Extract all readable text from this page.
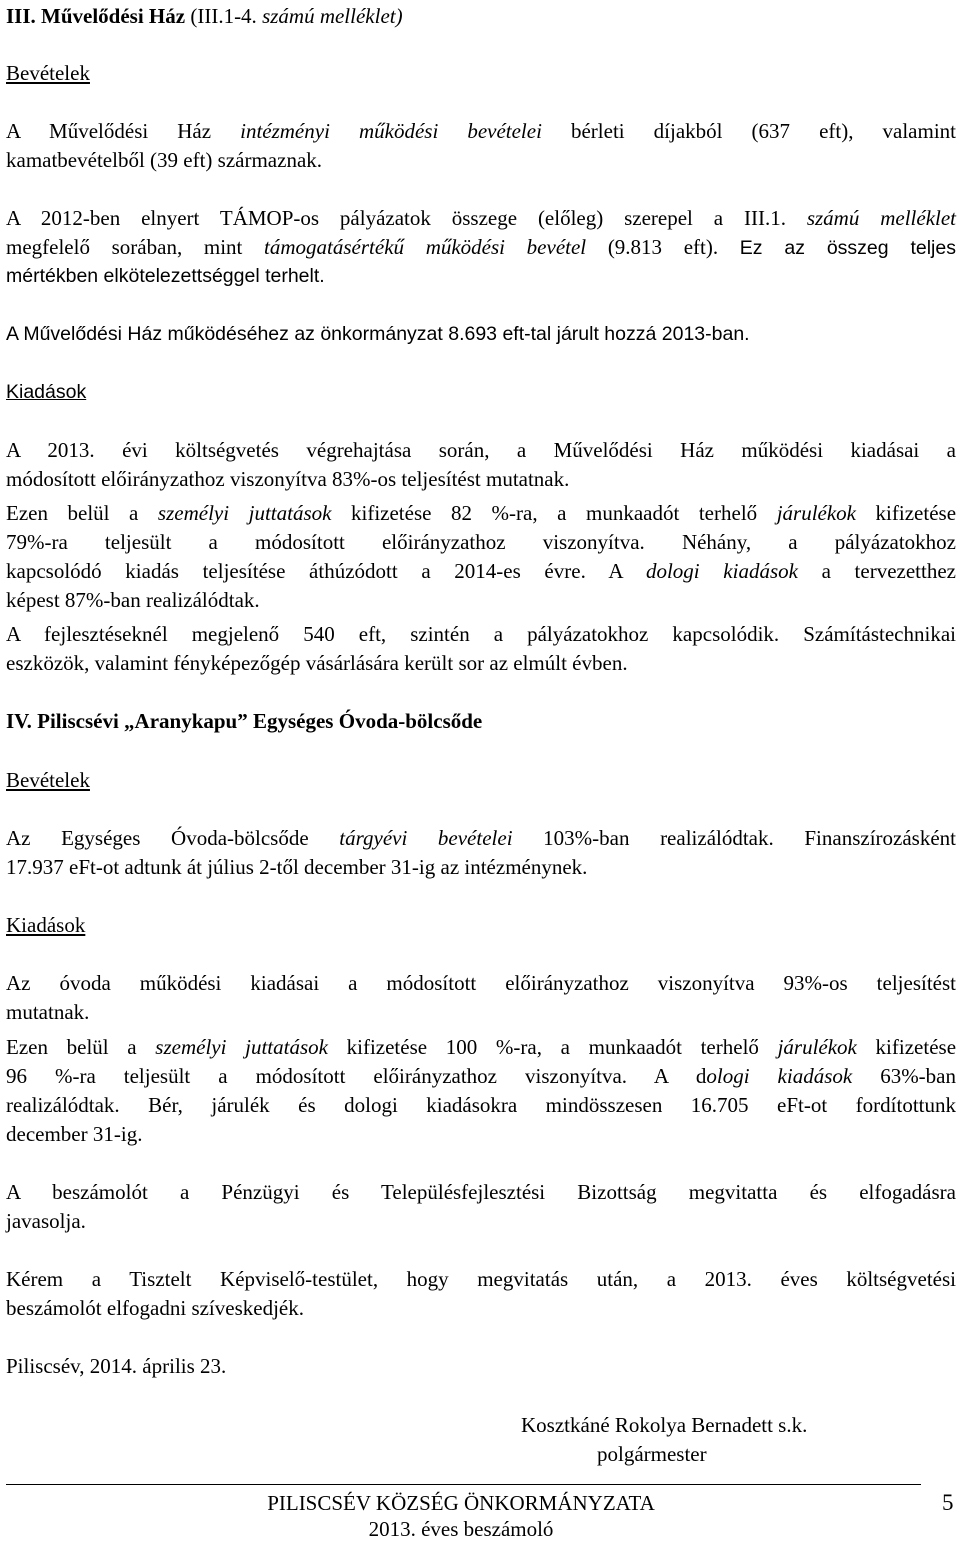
III. Művelődési Ház (III.1-4. számú melléklet)
Bevételek
A Művelődési Ház intézményi működési bevételei bérleti díjakból (637 eft), valamint
kamatbevételből (39 eft) származnak.
A 2012-ben elnyert TÁMOP-os pályázatok összege (előleg) szerepel a III.1. számú melléklet
megfelelő sorában, mint támogatásértékű működési bevétel (9.813 eft). Ez az összeg teljes
mértékben elkötelezettséggel terhelt.
A Művelődési Ház működéséhez az önkormányzat 8.693 eft-tal járult hozzá 2013-ban.
Kiadások
A 2013. évi költségvetés végrehajtása során, a Művelődési Ház működési kiadásai a
módosított előirányzathoz viszonyítva 83%-os teljesítést mutatnak.
Ezen belül a személyi juttatások kifizetése 82 %-ra, a munkaadót terhelő járulékok kifizetése
79%-ra teljesült a módosított előirányzathoz viszonyítva. Néhány, a pályázatokhoz
kapcsolódó kiadás teljesítése áthúzódott a 2014-es évre. A dologi kiadások a tervezetthez
képest 87%-ban realizálódtak.
A fejlesztéseknél megjelenő 540 eft, szintén a pályázatokhoz kapcsolódik. Számítástechnikai
eszközök, valamint fényképezőgép vásárlására került sor az elmúlt évben.
IV. Piliscsévi „Aranykapu” Egységes Óvoda-bölcsőde
Bevételek
Az Egységes Óvoda-bölcsőde tárgyévi bevételei 103%-ban realizálódtak. Finanszírozásként
17.937 eFt-ot adtunk át július 2-től december 31-ig az intézménynek.
Kiadások
Az óvoda működési kiadásai a módosított előirányzathoz viszonyítva 93%-os teljesítést
mutatnak.
Ezen belül a személyi juttatások kifizetése 100 %-ra, a munkaadót terhelő járulékok kifizetése
96 %-ra teljesült a módosított előirányzathoz viszonyítva. A dologi kiadások 63%-ban
realizálódtak. Bér, járulék és dologi kiadásokra mindösszesen 16.705 eFt-ot fordítottunk
december 31-ig.
A beszámolót a Pénzügyi és Településfejlesztési Bizottság megvitatta és elfogadásra
javasolja.
Kérem a Tisztelt Képviselő-testület, hogy megvitatás után, a 2013. éves költségvetési
beszámolót elfogadni szíveskedjék.
Piliscsév, 2014. április 23.
Kosztkáné Rokolya Bernadett s.k.
polgármester
PILISCSÉV KÖZSÉG ÖNKORMÁNYZATA
2013. éves beszámoló
5
